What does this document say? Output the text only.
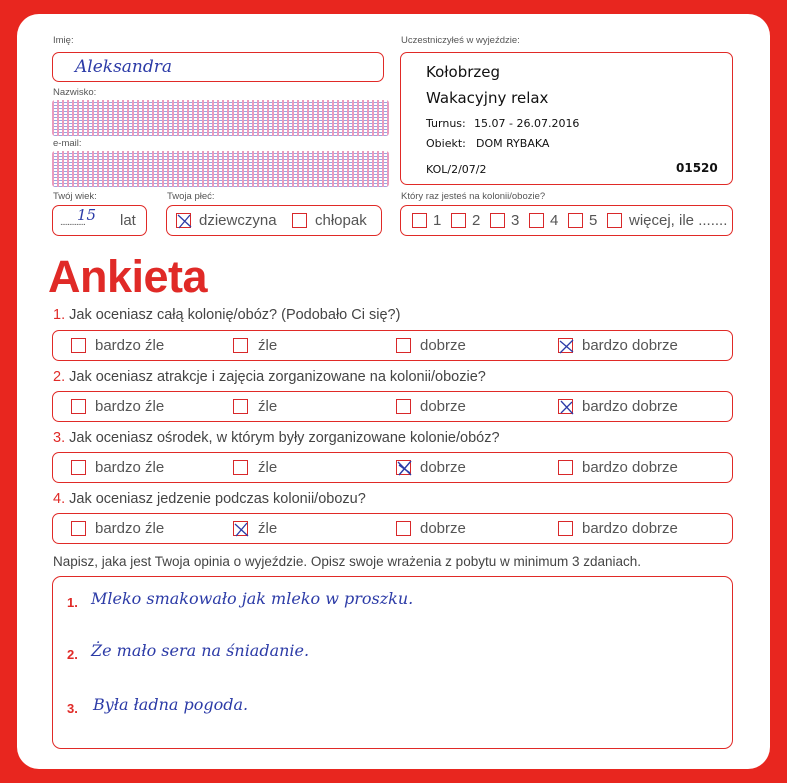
Imię:
Aleksandra
Nazwisko:
e-mail:
Twój wiek:
..............
15 lat
Twoja płeć:
dziewczyna	chłopak
Uczestniczyłeś w wyjeździe:
Kołobrzeg
Wakacyjny relax
Turnus: 15.07 - 26.07.2016
Obiekt: DOM RYBAKA
KOL/2/07/2	01520
Który raz jesteś na kolonii/obozie?
1 2 3 4 5 więcej, ile .......
Ankieta
1. Jak oceniasz całą kolonię/obóz? (Podobało Ci się?)
bardzo źle	źle	dobrze	bardzo dobrze
2. Jak oceniasz atrakcje i zajęcia zorganizowane na kolonii/obozie?
bardzo źle	źle	dobrze	bardzo dobrze
3. Jak oceniasz ośrodek, w którym były zorganizowane kolonie/obóz?
bardzo źle	źle	dobrze	bardzo dobrze
4. Jak oceniasz jedzenie podczas kolonii/obozu?
bardzo źle	źle	dobrze	bardzo dobrze
Napisz, jaka jest Twoja opinia o wyjeździe. Opisz swoje wrażenia z pobytu w minimum 3 zdaniach.
1. Mleko smakowało jak mleko w proszku.
2. Że mało sera na śniadanie.
3. Była ładna pogoda.
